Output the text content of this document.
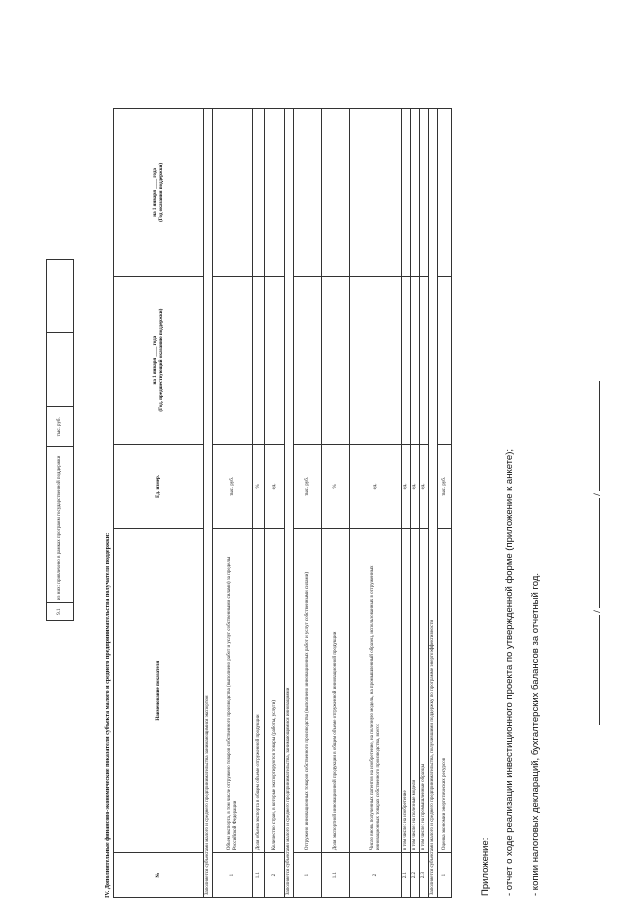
9.1	из них: привлечено в рамках программ государственной поддержки	тыс. руб.		
IV. Дополнительные финансово-экономические показатели субъекта малого и среднего предпринимательства получателя поддержки:	№	Наименование показателя	Ед. измер.	на 1 января ____ года
(Год, предшествующий оказанию поддержки)	на 1 января ____ года
(Год оказания поддержки)
Заполняется субъектами малого и среднего предпринимательства занимающимися экспортом				
1	Объем экспорта, в том числе отгружено товаров собственного производства (выполнено работ и услуг собственными силами) за пределы Российской Федерации	тыс. руб.		
1.1	Доля объема экспорта в общем объеме отгруженной продукции	%		
2	Количество стран, в которые экспортируются товары (работы, услуги)	ед.		
Заполняется субъектами малого и среднего предпринимательства, занимающимися инновациями				
1	Отгружено инновационных товаров собственного производства (выполнено инновационных работ и услуг собственными силами)	тыс. руб.		
1.1	Доля экспортной инновационной продукции в общем объеме отгруженной инновационной продукции	%		
2	Число вновь полученных патентов на изобретение, на полезную модель, на промышленный образец, использованных в отгруженных инновационных товарах собственного производства, всего:	ед.		
2.1	в том числе: на изобретение	ед.		
2.2	в том числе: на полезные модели	ед.		
2.3	в том числе: на промышленные образцы	ед.		
Заполняется субъектами малого и среднего предпринимательства, получившими поддержку по программе энергоэффективности				
1	Оценка экономии энергетических ресурсов	тыс. руб.		
Приложение: - отчет о ходе реализации инвестиционного проекта по утвержденной форме (приложение к анкете); - копии налоговых деклараций, бухгалтерских балансов за отчетный год.	/  /
